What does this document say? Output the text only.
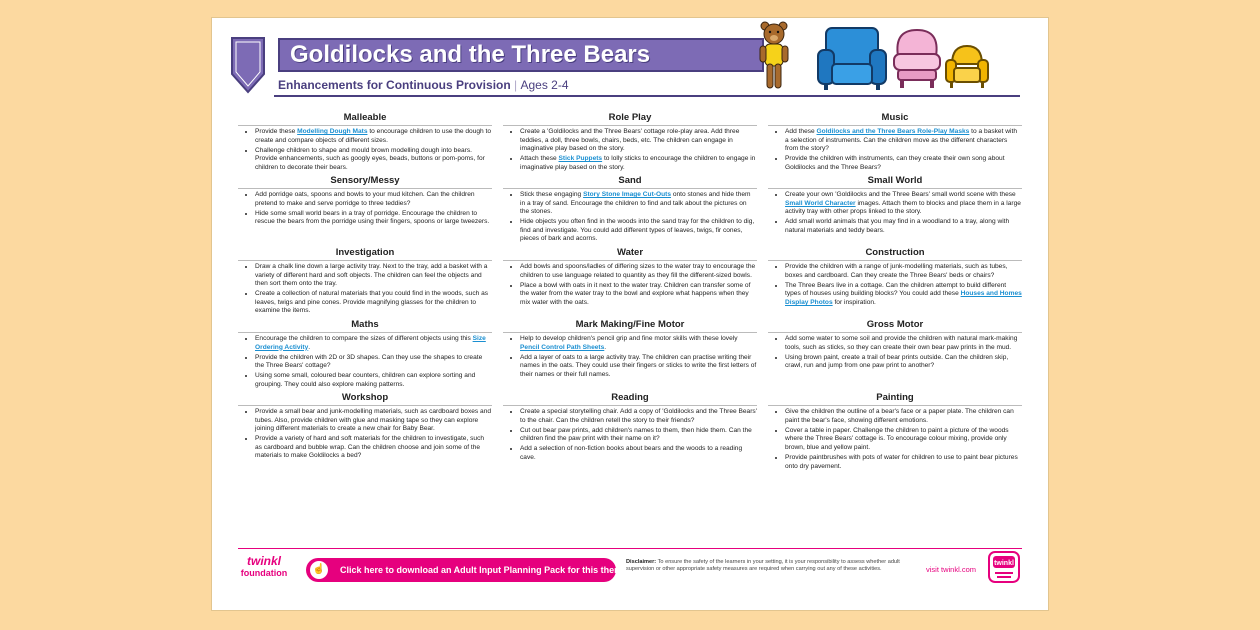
Goldilocks and the Three Bears
Enhancements for Continuous Provision | Ages 2-4
Malleable
• Provide these Modelling Dough Mats to encourage children to use the dough to create and compare objects of different sizes.
• Challenge children to shape and mould brown modelling dough into bears. Provide enhancements, such as googly eyes, beads, buttons or pom-poms, for children to decorate their bears.
Sensory/Messy
• Add porridge oats, spoons and bowls to your mud kitchen. Can the children pretend to make and serve porridge to three teddies?
• Hide some small world bears in a tray of porridge. Encourage the children to rescue the bears from the porridge using their fingers, spoons or large tweezers.
Investigation
• Draw a chalk line down a large activity tray. Next to the tray, add a basket with a variety of different hard and soft objects. The children can feel the objects and then sort them onto the tray.
• Create a collection of natural materials that you could find in the woods, such as leaves, twigs and pine cones. Provide magnifying glasses for the children to examine the items.
Maths
• Encourage the children to compare the sizes of different objects using this Size Ordering Activity.
• Provide the children with 2D or 3D shapes. Can they use the shapes to create the Three Bears' cottage?
• Using some small, coloured bear counters, children can explore sorting and grouping. They could also explore making patterns.
Workshop
• Provide a small bear and junk-modelling materials, such as cardboard boxes and tubes. Also, provide children with glue and masking tape so they can explore joining different materials to create a new chair for Baby Bear.
• Provide a variety of hard and soft materials for the children to investigate, such as cardboard and bubble wrap. Can the children choose and join some of the materials to make Goldilocks a bed?
Role Play
• Create a 'Goldilocks and the Three Bears' cottage role-play area. Add three teddies, a doll, three bowls, chairs, beds, etc. The children can engage in imaginative play based on the story.
• Attach these Stick Puppets to lolly sticks to encourage the children to engage in imaginative play based on the story.
Sand
• Stick these engaging Story Stone Image Cut-Outs onto stones and hide them in a tray of sand. Encourage the children to find and talk about the pictures on the stones.
• Hide objects you often find in the woods into the sand tray for the children to dig, find and investigate. You could add different types of leaves, twigs, fir cones, pieces of bark and acorns.
Water
• Add bowls and spoons/ladles of differing sizes to the water tray to encourage the children to use language related to quantity as they fill the different-sized bowls.
• Place a bowl with oats in it next to the water tray. Children can transfer some of the water from the water tray to the bowl and explore what happens when they mix water with the oats.
Mark Making/Fine Motor
• Help to develop children's pencil grip and fine motor skills with these lovely Pencil Control Path Sheets.
• Add a layer of oats to a large activity tray. The children can practise writing their names in the oats. They could use their fingers or sticks to write the first letters of their names or their full names.
Reading
• Create a special storytelling chair. Add a copy of 'Goldilocks and the Three Bears' to the chair. Can the children retell the story to their friends?
• Cut out bear paw prints, add children's names to them, then hide them. Can the children find the paw print with their name on it?
• Add a selection of non-fiction books about bears and the woods to a reading cave.
Music
• Add these Goldilocks and the Three Bears Role-Play Masks to a basket with a selection of instruments. Can the children move as the different characters from the story?
• Provide the children with instruments, can they create their own song about Goldilocks and the Three Bears?
Small World
• Create your own 'Goldilocks and the Three Bears' small world scene with these Small World Character images. Attach them to blocks and place them in a large activity tray with other props linked to the story.
• Add small world animals that you may find in a woodland to a tray, along with natural materials and teddy bears.
Construction
• Provide the children with a range of junk-modelling materials, such as tubes, boxes and cardboard. Can they create the Three Bears' beds or chairs?
• The Three Bears live in a cottage. Can the children attempt to build different types of houses using building blocks? You could add these Houses and Homes Display Photos for inspiration.
Gross Motor
• Add some water to some soil and provide the children with natural mark-making tools, such as sticks, so they can create their own bear paw prints in the mud.
• Using brown paint, create a trail of bear prints outside. Can the children skip, crawl, run and jump from one paw print to another?
Painting
• Give the children the outline of a bear's face or a paper plate. The children can paint the bear's face, showing different emotions.
• Cover a table in paper. Challenge the children to paint a picture of the woods where the Three Bears' cottage is. To encourage colour mixing, provide only brown, blue and yellow paint.
• Provide paintbrushes with pots of water for children to use to paint bear pictures onto dry pavement.
twinkl
foundation	☝	Click here to download an Adult Input Planning Pack for this theme.
Disclaimer: To ensure the safety of the learners in your setting, it is your responsibility to assess whether adult supervision or other appropriate safety measures are required when carrying out any of these activities.	visit twinkl.com
twinkl
